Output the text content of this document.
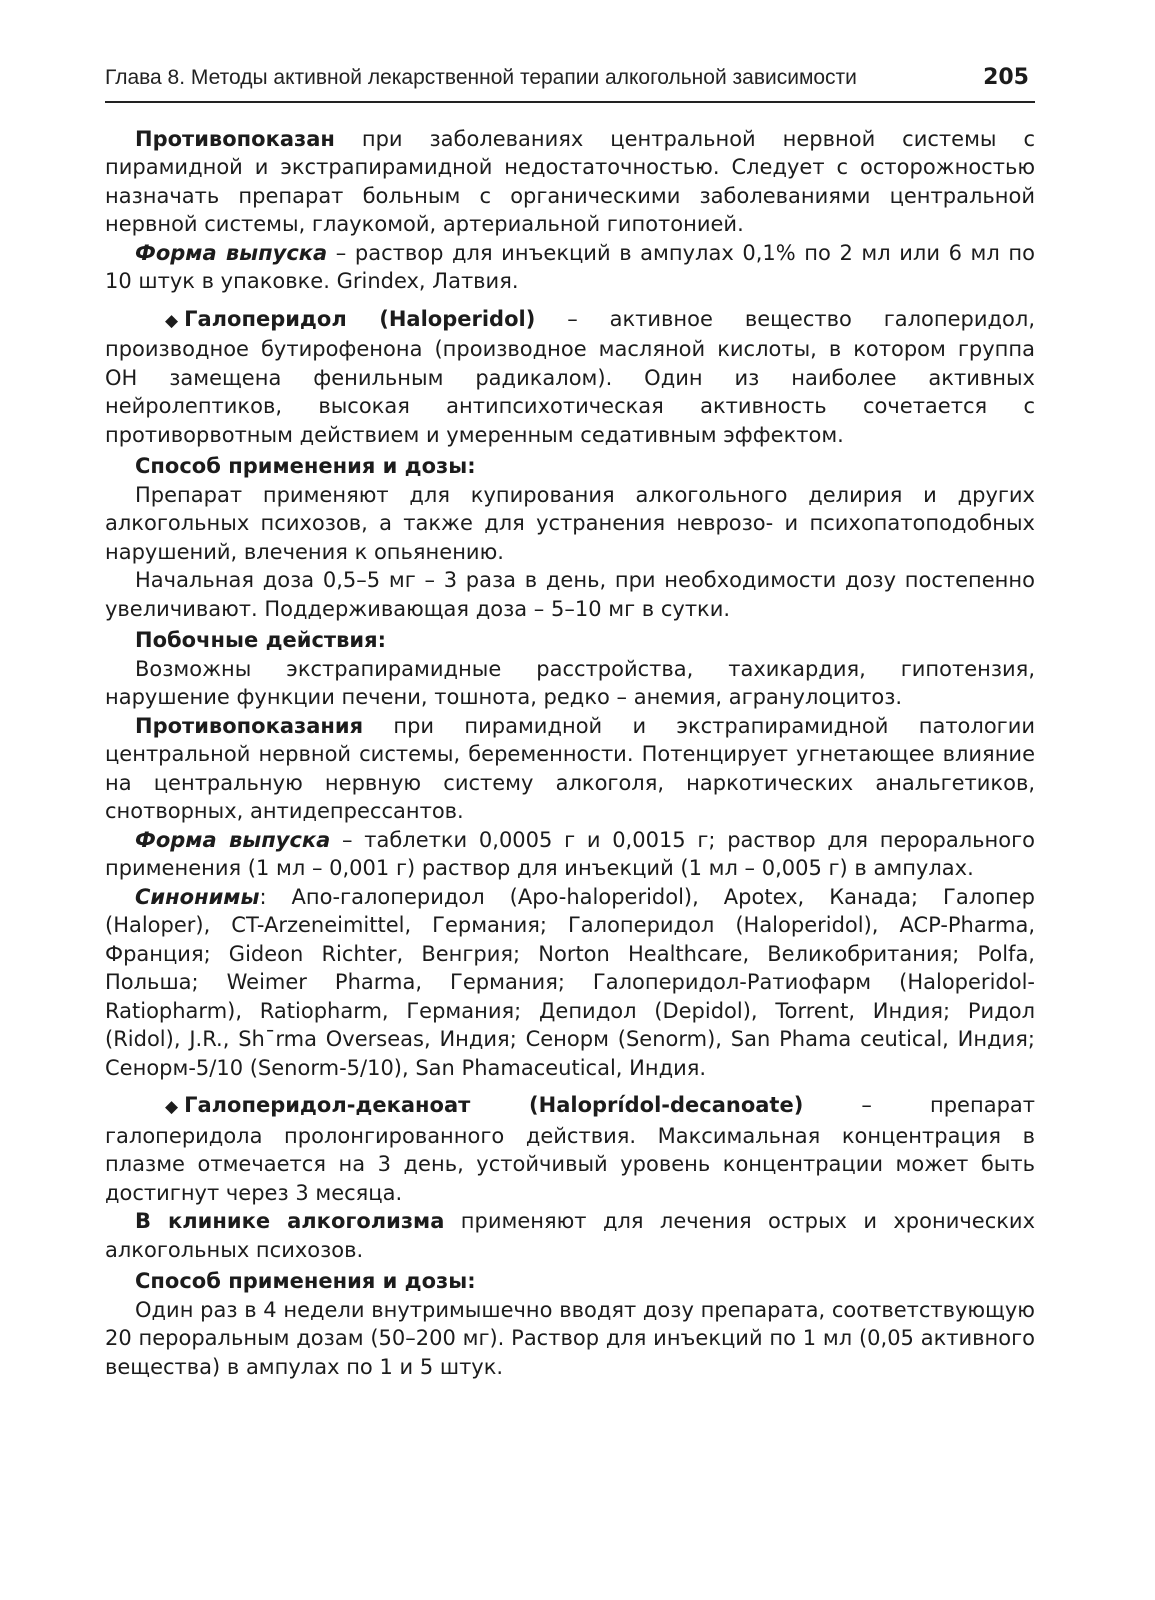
Глава 8. Методы активной лекарственной терапии алкогольной зависимости	205

Противопоказан при заболеваниях центральной нервной системы с пирамидной и экстрапирамидной недостаточностью. Следует с осторожностью назначать препарат больным с органическими заболеваниями центральной нервной системы, глаукомой, артериальной гипотонией.

Форма выпуска – раствор для инъекций в ампулах 0,1% по 2 мл или 6 мл по 10 штук в упаковке. Grindex, Латвия.

◆ Галоперидол (Haloperidol) – активное вещество галоперидол, производное бутирофенона (производное масляной кислоты, в котором группа ОН замещена фенильным радикалом). Один из наиболее активных нейролептиков, высокая антипсихотическая активность сочетается с противорвотным действием и умеренным седативным эффектом.

Способ применения и дозы:

Препарат применяют для купирования алкогольного делирия и других алкогольных психозов, а также для устранения неврозо- и психопатоподобных нарушений, влечения к опьянению.

Начальная доза 0,5–5 мг – 3 раза в день, при необходимости дозу постепенно увеличивают. Поддерживающая доза – 5–10 мг в сутки.

Побочные действия:

Возможны экстрапирамидные расстройства, тахикардия, гипотензия, нарушение функции печени, тошнота, редко – анемия, агранулоцитоз.

Противопоказания при пирамидной и экстрапирамидной патологии центральной нервной системы, беременности. Потенцирует угнетающее влияние на центральную нервную систему алкоголя, наркотических анальгетиков, снотворных, антидепрессантов.

Форма выпуска – таблетки 0,0005 г и 0,0015 г; раствор для перорального применения (1 мл – 0,001 г) раствор для инъекций (1 мл – 0,005 г) в ампулах.

Синонимы: Апо-галоперидол (Apo-haloperidol), Apotex, Канада; Галопер (Haloper), CT-Arzeneimittel, Германия; Галоперидол (Haloperidol), ACP-Pharma, Франция; Gideon Richter, Венгрия; Norton Healthcare, Великобритания; Polfa, Польша; Weimer Pharma, Германия; Галоперидол-Ратиофарм (Haloperidol-Ratiopharm), Ratiopharm, Германия; Депидол (Depidol), Torrent, Индия; Ридол (Ridol), J.R., Sh¯rma Overseas, Индия; Сенорм (Senorm), San Phama ceutical, Индия; Сенорм-5/10 (Senorm-5/10), San Phamaceutical, Индия.

◆ Галоперидол-деканоат (Haloprídol-decanoate) – препарат галоперидола пролонгированного действия. Максимальная концентрация в плазме отмечается на 3 день, устойчивый уровень концентрации может быть достигнут через 3 месяца.

В клинике алкоголизма применяют для лечения острых и хронических алкогольных психозов.

Способ применения и дозы:

Один раз в 4 недели внутримышечно вводят дозу препарата, соответствующую 20 пероральным дозам (50–200 мг). Раствор для инъекций по 1 мл (0,05 активного вещества) в ампулах по 1 и 5 штук.
